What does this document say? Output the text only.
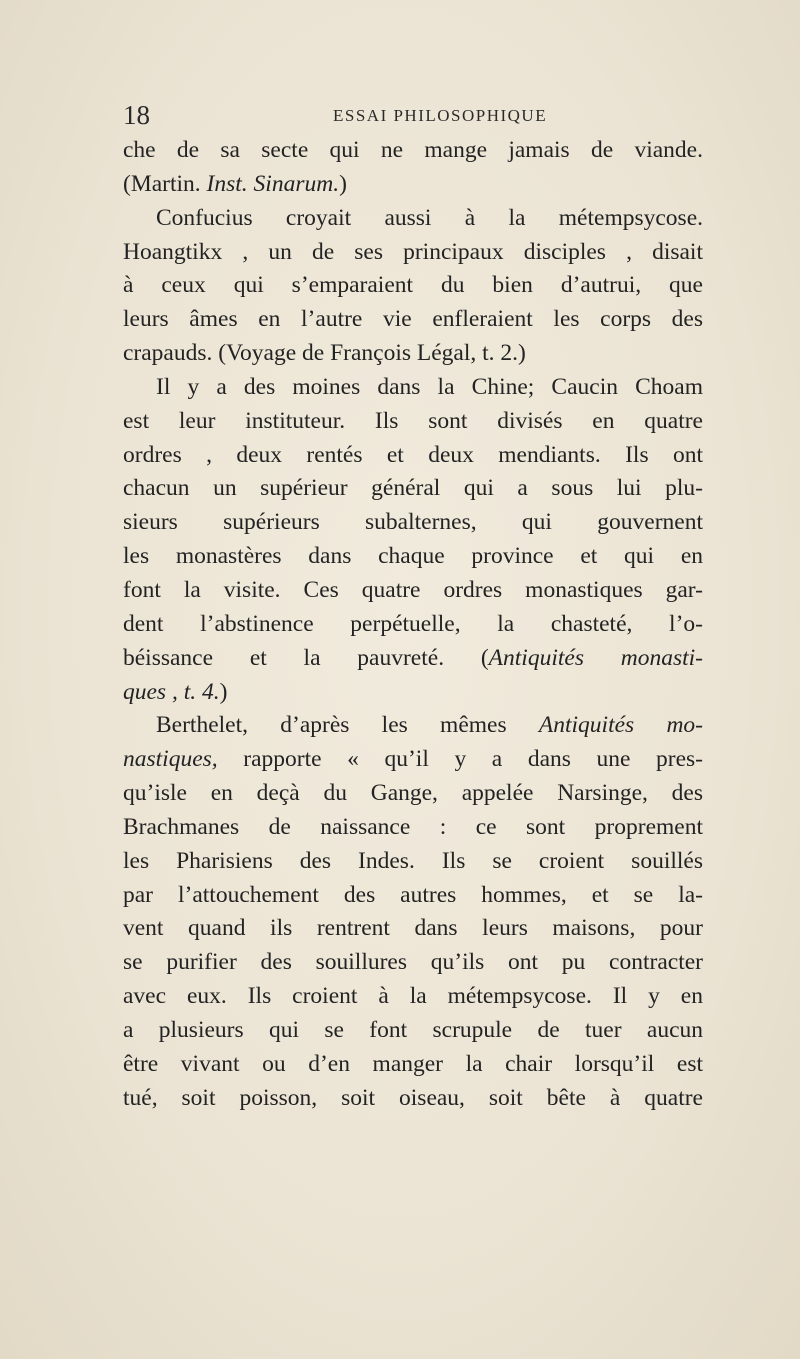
18	ESSAI PHILOSOPHIQUE
che de sa secte qui ne mange jamais de viande.
(Martin. Inst. Sinarum.)
Confucius croyait aussi à la métempsycose.
Hoangtikx , un de ses principaux disciples , disait
à ceux qui s’emparaient du bien d’autrui, que
leurs âmes en l’autre vie enfleraient les corps des
crapauds. (Voyage de François Légal, t. 2.)
Il y a des moines dans la Chine; Caucin Choam
est leur instituteur. Ils sont divisés en quatre
ordres , deux rentés et deux mendiants. Ils ont
chacun un supérieur général qui a sous lui plu-
sieurs supérieurs subalternes, qui gouvernent
les monastères dans chaque province et qui en
font la visite. Ces quatre ordres monastiques gar-
dent l’abstinence perpétuelle, la chasteté, l’o-
béissance et la pauvreté. (Antiquités monasti-
ques , t. 4.)
Berthelet, d’après les mêmes Antiquités mo-
nastiques, rapporte « qu’il y a dans une pres-
qu’isle en deçà du Gange, appelée Narsinge, des
Brachmanes de naissance : ce sont proprement
les Pharisiens des Indes. Ils se croient souillés
par l’attouchement des autres hommes, et se la-
vent quand ils rentrent dans leurs maisons, pour
se purifier des souillures qu’ils ont pu contracter
avec eux. Ils croient à la métempsycose. Il y en
a plusieurs qui se font scrupule de tuer aucun
être vivant ou d’en manger la chair lorsqu’il est
tué, soit poisson, soit oiseau, soit bête à quatre
